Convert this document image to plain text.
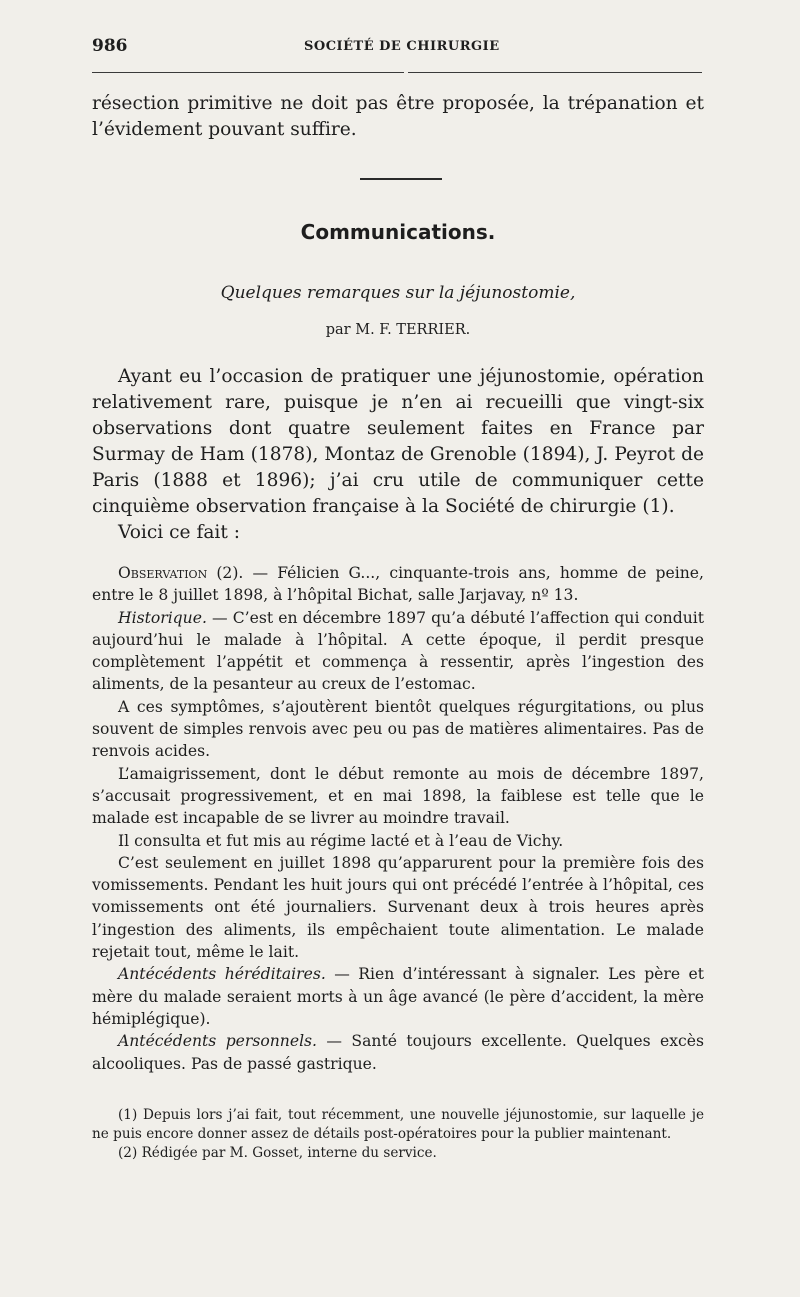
986	SOCIÉTÉ DE CHIRURGIE

résection primitive ne doit pas être proposée, la trépanation et l’évidement pouvant suffire.

Communications.
Quelques remarques sur la jéjunostomie,
par M. F. TERRIER.

Ayant eu l’occasion de pratiquer une jéjunostomie, opération relativement rare, puisque je n’en ai recueilli que vingt-six observations dont quatre seulement faites en France par Surmay de Ham (1878), Montaz de Grenoble (1894), J. Peyrot de Paris (1888 et 1896); j’ai cru utile de communiquer cette cinquième observation française à la Société de chirurgie (1).

Voici ce fait :

Observation (2). — Félicien G..., cinquante-trois ans, homme de peine, entre le 8 juillet 1898, à l’hôpital Bichat, salle Jarjavay, nº 13.

Historique. — C’est en décembre 1897 qu’a débuté l’affection qui conduit aujourd’hui le malade à l’hôpital. A cette époque, il perdit presque complètement l’appétit et commença à ressentir, après l’ingestion des aliments, de la pesanteur au creux de l’estomac.

A ces symptômes, s’ajoutèrent bientôt quelques régurgitations, ou plus souvent de simples renvois avec peu ou pas de matières alimentaires. Pas de renvois acides.

L’amaigrissement, dont le début remonte au mois de décembre 1897, s’accusait progressivement, et en mai 1898, la faiblese est telle que le malade est incapable de se livrer au moindre travail.

Il consulta et fut mis au régime lacté et à l’eau de Vichy.

C’est seulement en juillet 1898 qu’apparurent pour la première fois des vomissements. Pendant les huit jours qui ont précédé l’entrée à l’hôpital, ces vomissements ont été journaliers. Survenant deux à trois heures après l’ingestion des aliments, ils empêchaient toute alimentation. Le malade rejetait tout, même le lait.

Antécédents héréditaires. — Rien d’intéressant à signaler. Les père et mère du malade seraient morts à un âge avancé (le père d’accident, la mère hémiplégique).

Antécédents personnels. — Santé toujours excellente. Quelques excès alcooliques. Pas de passé gastrique.

(1) Depuis lors j’ai fait, tout récemment, une nouvelle jéjunostomie, sur laquelle je ne puis encore donner assez de détails post-opératoires pour la publier maintenant.

(2) Rédigée par M. Gosset, interne du service.
